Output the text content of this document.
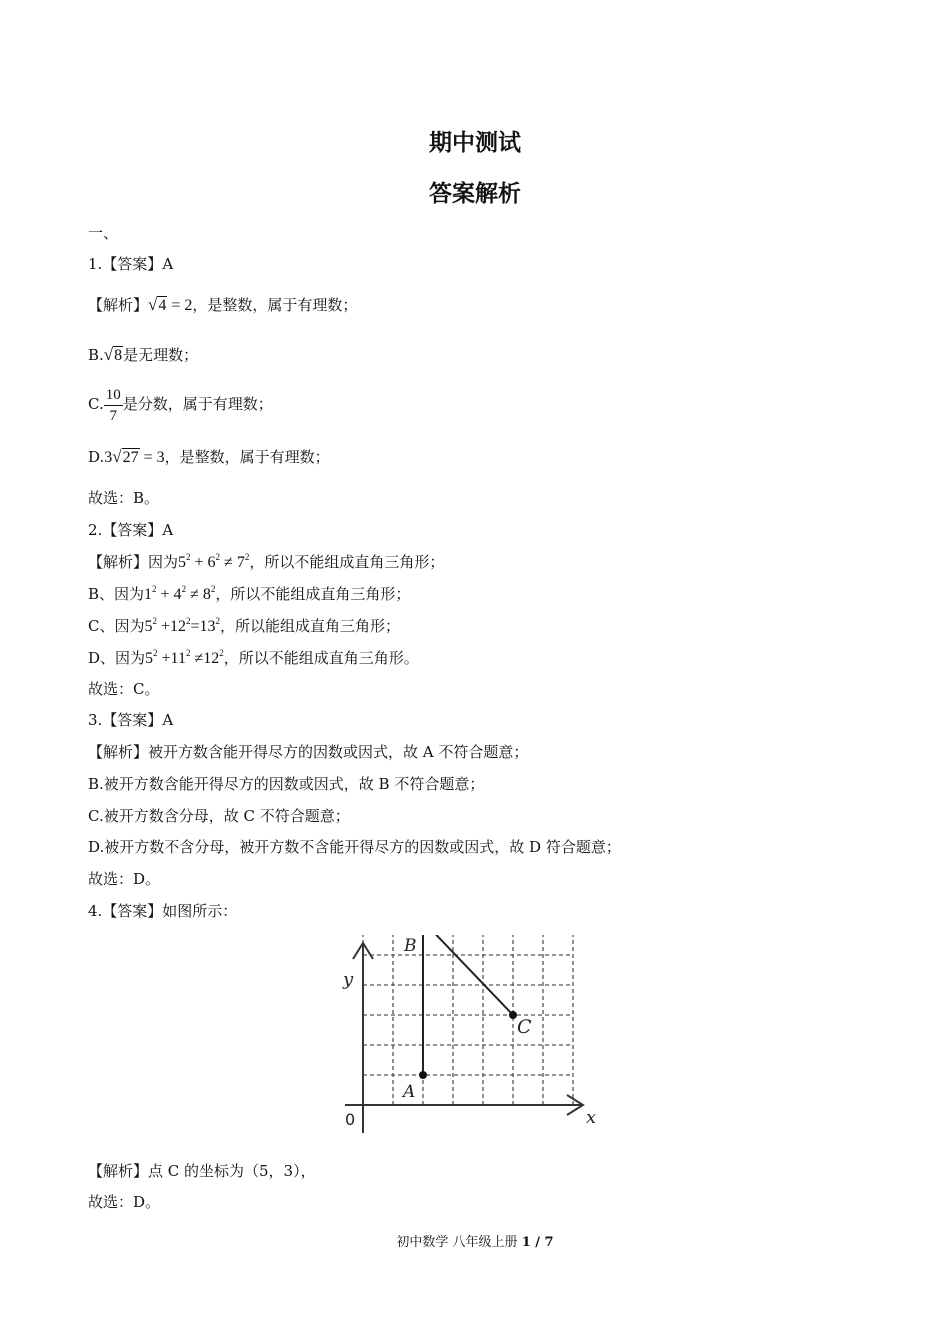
期中测试
答案解析
一、
1.【答案】A
【解析】√4 = 2，是整数，属于有理数；
B.√8是无理数；
C. $\frac{10}{7}$ 是分数，属于有理数；
D.3√27 = 3，是整数，属于有理数；
故选：B。
2.【答案】A
【解析】因为$5^2 + 6^2 \ne 7^2$，所以不能组成直角三角形；
B、因为$1^2 + 4^2 \ne 8^2$，所以不能组成直角三角形；
C、因为$5^2 +12^2=13^2$，所以能组成直角三角形；
D、因为$5^2 +11^2 \ne 12^2$，所以不能组成直角三角形。
故选：C。
3.【答案】A
【解析】被开方数含能开得尽方的因数或因式，故 A 不符合题意；
B.被开方数含能开得尽方的因数或因式，故 B 不符合题意；
C.被开方数含分母，故 C 不符合题意；
D.被开方数不含分母，被开方数不含能开得尽方的因数或因式，故 D 符合题意；
故选：D。
4.【答案】如图所示：
y
x
0
A
B
C
【解析】点 C 的坐标为（5，3），
故选：D。
初中数学 八年级上册 1 / 7
